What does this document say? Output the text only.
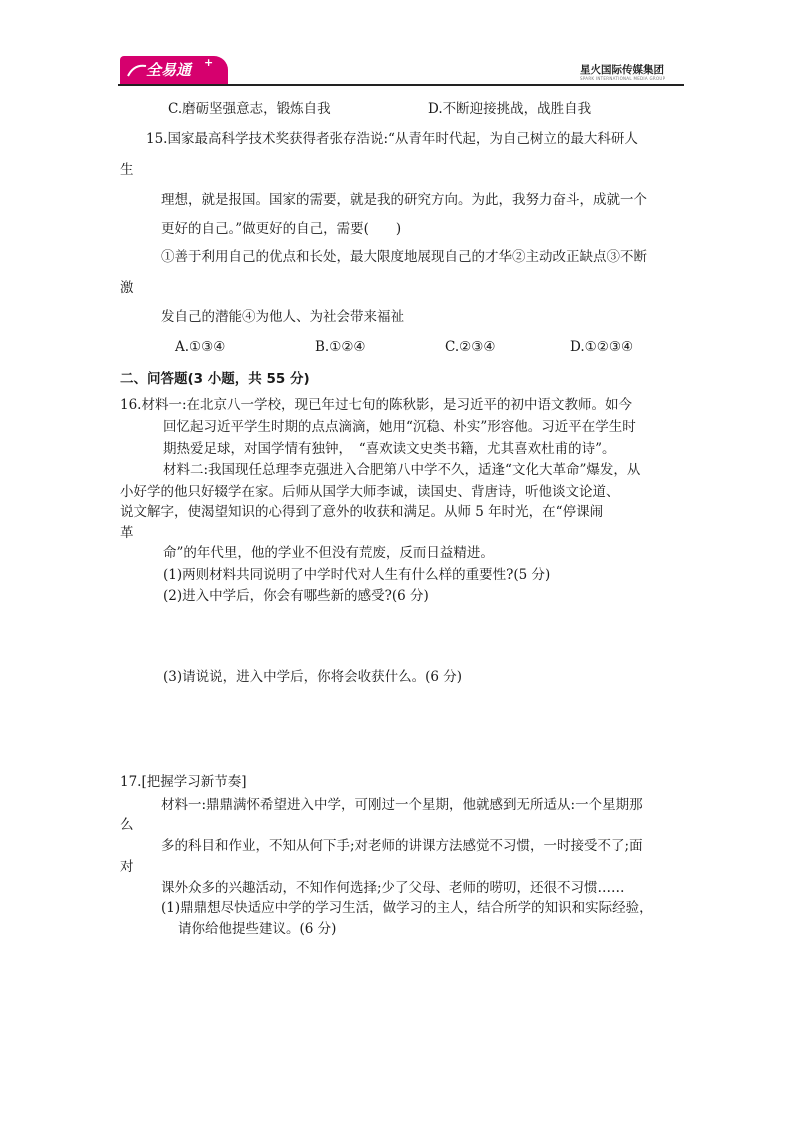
全易通 +
星火国际传媒集团
SPARK INTERNATIONAL MEDIA GROUP
C.磨砺坚强意志，锻炼自我	D.不断迎接挑战，战胜自我
15.国家最高科学技术奖获得者张存浩说:“从青年时代起，为自己树立的最大科研人
生
理想，就是报国。国家的需要，就是我的研究方向。为此，我努力奋斗，成就一个
更好的自己。”做更好的自己，需要(　　)
①善于利用自己的优点和长处，最大限度地展现自己的才华②主动改正缺点③不断
激
发自己的潜能④为他人、为社会带来福祉
A.①③④	B.①②④	C.②③④	D.①②③④
二、问答题(3 小题，共 55 分)
16.材料一:在北京八一学校，现已年过七旬的陈秋影，是习近平的初中语文教师。如今
回忆起习近平学生时期的点点滴滴，她用“沉稳、朴实”形容他。习近平在学生时
期热爱足球，对国学情有独钟，　“喜欢读文史类书籍，尤其喜欢杜甫的诗”。
材料二:我国现任总理李克强进入合肥第八中学不久，适逢“文化大革命”爆发，从
小好学的他只好辍学在家。后师从国学大师李诚，读国史、背唐诗，听他谈文论道、
说文解字，使渴望知识的心得到了意外的收获和满足。从师 5 年时光，在“停课闹
革
命”的年代里，他的学业不但没有荒废，反而日益精进。
(1)两则材料共同说明了中学时代对人生有什么样的重要性?(5 分)
(2)进入中学后，你会有哪些新的感受?(6 分)
(3)请说说，进入中学后，你将会收获什么。(6 分)
17.[把握学习新节奏]
材料一:鼎鼎满怀希望进入中学，可刚过一个星期，他就感到无所适从:一个星期那
么
多的科目和作业，不知从何下手;对老师的讲课方法感觉不习惯，一时接受不了;面
对
课外众多的兴趣活动，不知作何选择;少了父母、老师的唠叨，还很不习惯……
(1)鼎鼎想尽快适应中学的学习生活，做学习的主人，结合所学的知识和实际经验，
请你给他提些建议。(6 分)
